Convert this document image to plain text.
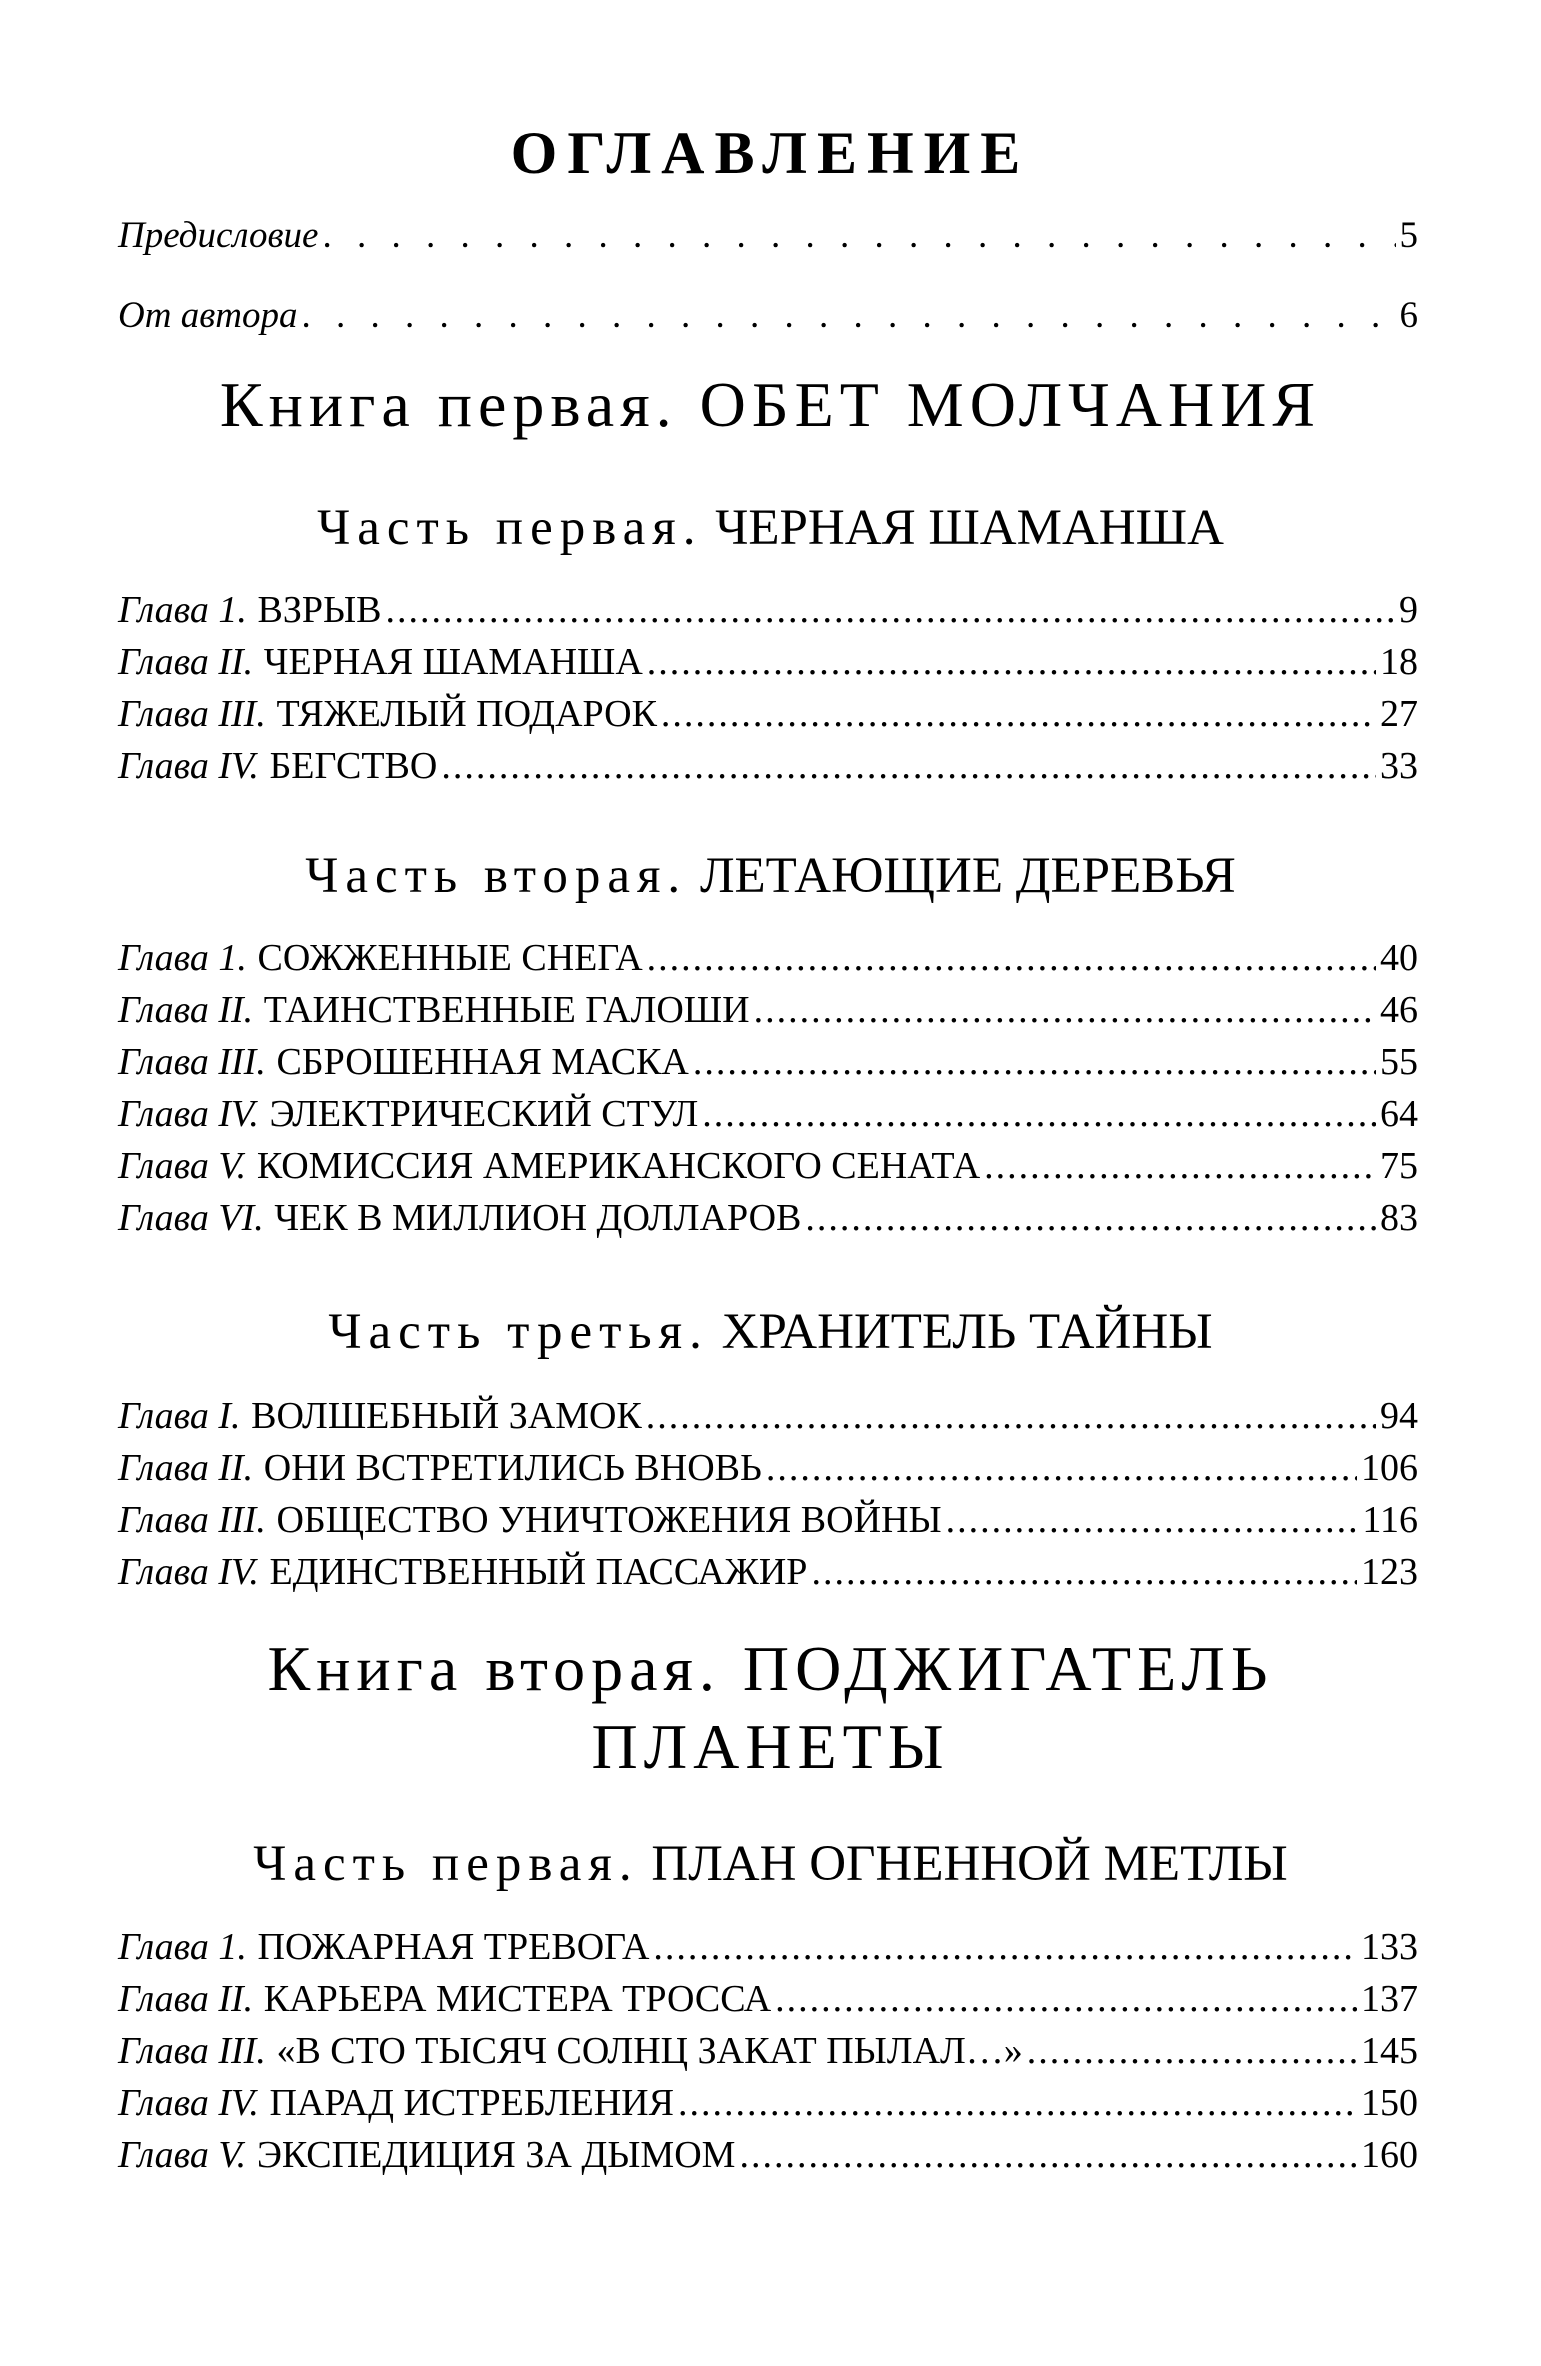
ОГЛАВЛЕНИЕ
Предисловие . . .	5
От автора . . .	6
Книга первая. ОБЕТ МОЛЧАНИЯ
Часть первая. ЧЕРНАЯ ШАМАНША
Глава 1. ВЗРЫВ .....	9
Глава II. ЧЕРНАЯ ШАМАНША .....	18
Глава III. ТЯЖЕЛЫЙ ПОДАРОК .....	27
Глава IV. БЕГСТВО .....	33
Часть вторая. ЛЕТАЮЩИЕ ДЕРЕВЬЯ
Глава 1. СОЖЖЕННЫЕ СНЕГА .....	40
Глава II. ТАИНСТВЕННЫЕ ГАЛОШИ .....	46
Глава III. СБРОШЕННАЯ МАСКА .....	55
Глава IV. ЭЛЕКТРИЧЕСКИЙ СТУЛ .....	64
Глава V. КОМИССИЯ АМЕРИКАНСКОГО СЕНАТА .....	75
Глава VI. ЧЕК В МИЛЛИОН ДОЛЛАРОВ .....	83
Часть третья. ХРАНИТЕЛЬ ТАЙНЫ
Глава I. ВОЛШЕБНЫЙ ЗАМОК .....	94
Глава II. ОНИ ВСТРЕТИЛИСЬ ВНОВЬ .....	106
Глава III. ОБЩЕСТВО УНИЧТОЖЕНИЯ ВОЙНЫ .....	116
Глава IV. ЕДИНСТВЕННЫЙ ПАССАЖИР .....	123
Книга вторая. ПОДЖИГАТЕЛЬ
ПЛАНЕТЫ
Часть первая. ПЛАН ОГНЕННОЙ МЕТЛЫ
Глава 1. ПОЖАРНАЯ ТРЕВОГА .....	133
Глава II. КАРЬЕРА МИСТЕРА ТРОССА .....	137
Глава III. «В СТО ТЫСЯЧ СОЛНЦ ЗАКАТ ПЫЛАЛ…» .....	145
Глава IV. ПАРАД ИСТРЕБЛЕНИЯ .....	150
Глава V. ЭКСПЕДИЦИЯ ЗА ДЫМОМ .....	160
